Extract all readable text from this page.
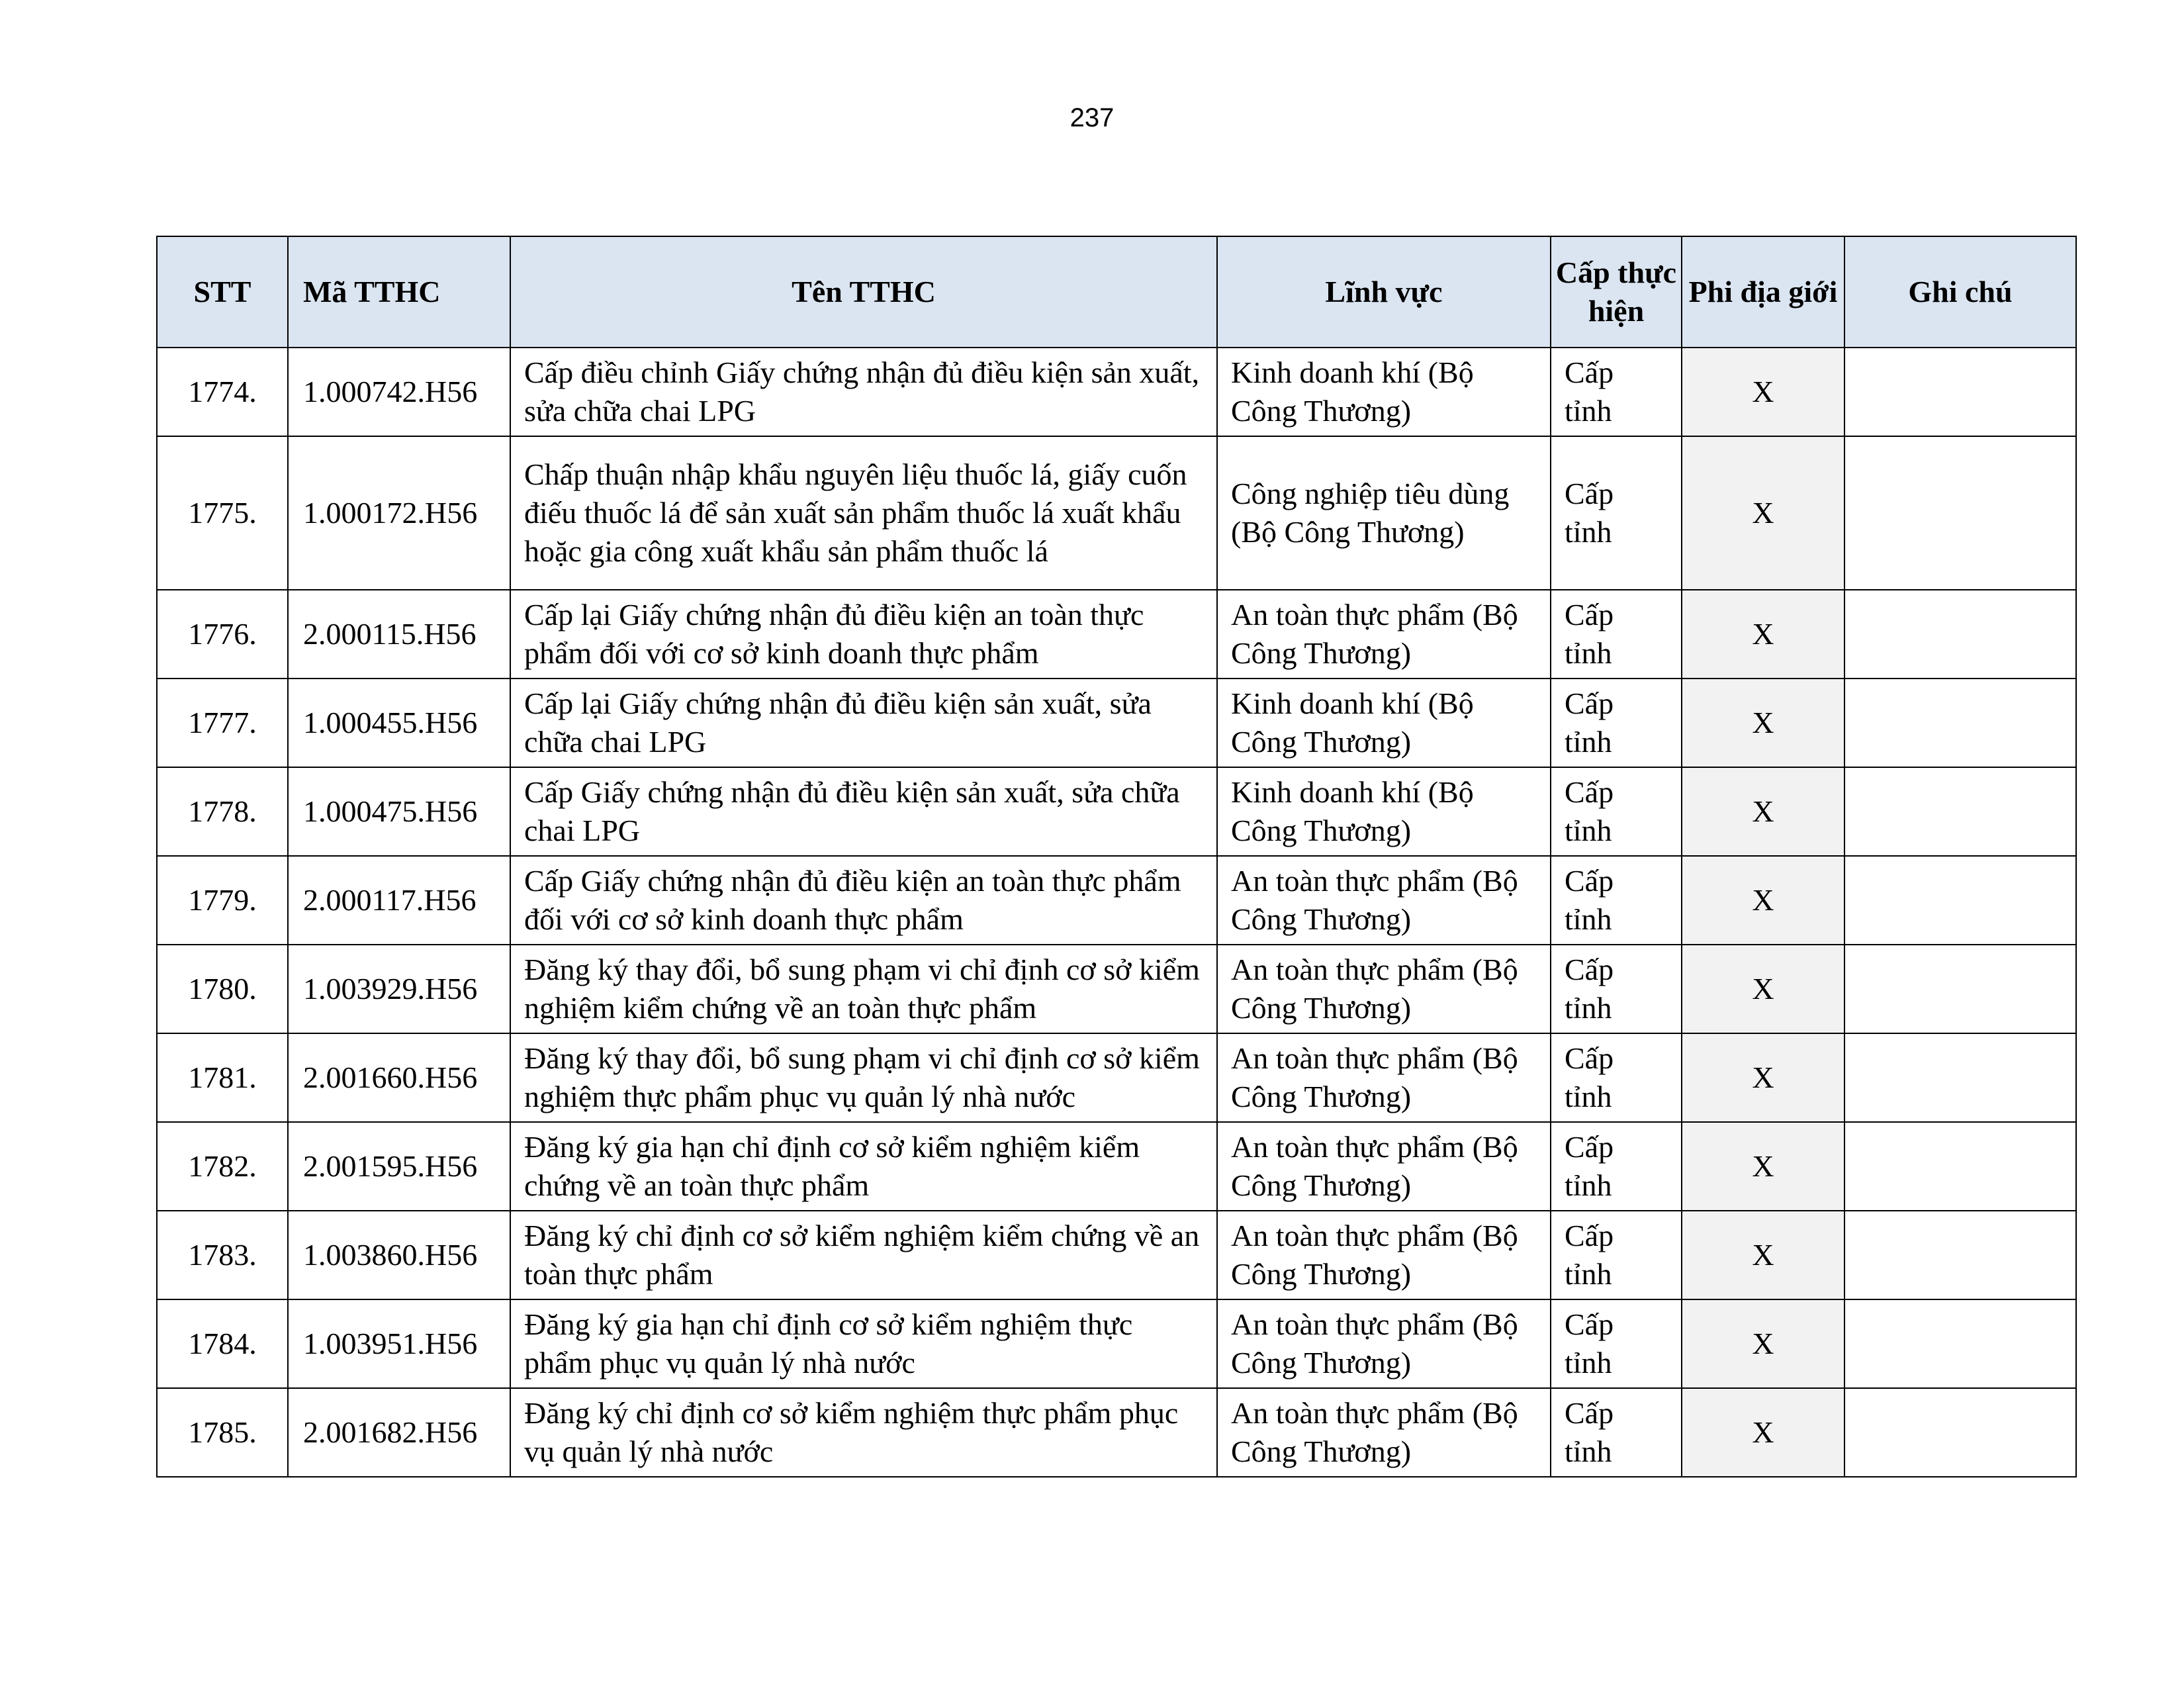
237
STT	Mã TTHC	Tên TTHC	Lĩnh vực	Cấp thực hiện	Phi địa giới	Ghi chú
1774.	1.000742.H56	Cấp điều chỉnh Giấy chứng nhận đủ điều kiện sản xuất, sửa chữa chai LPG	Kinh doanh khí (Bộ Công Thương)	Cấp tỉnh	X	
1775.	1.000172.H56	Chấp thuận nhập khẩu nguyên liệu thuốc lá, giấy cuốn điếu thuốc lá để sản xuất sản phẩm thuốc lá xuất khẩu hoặc gia công xuất khẩu sản phẩm thuốc lá	Công nghiệp tiêu dùng (Bộ Công Thương)	Cấp tỉnh	X	
1776.	2.000115.H56	Cấp lại Giấy chứng nhận đủ điều kiện an toàn thực phẩm đối với cơ sở kinh doanh thực phẩm	An toàn thực phẩm (Bộ Công Thương)	Cấp tỉnh	X	
1777.	1.000455.H56	Cấp lại Giấy chứng nhận đủ điều kiện sản xuất, sửa chữa chai LPG	Kinh doanh khí (Bộ Công Thương)	Cấp tỉnh	X	
1778.	1.000475.H56	Cấp Giấy chứng nhận đủ điều kiện sản xuất, sửa chữa chai LPG	Kinh doanh khí (Bộ Công Thương)	Cấp tỉnh	X	
1779.	2.000117.H56	Cấp Giấy chứng nhận đủ điều kiện an toàn thực phẩm đối với cơ sở kinh doanh thực phẩm	An toàn thực phẩm (Bộ Công Thương)	Cấp tỉnh	X	
1780.	1.003929.H56	Đăng ký thay đổi, bổ sung phạm vi chỉ định cơ sở kiểm nghiệm kiểm chứng về an toàn thực phẩm	An toàn thực phẩm (Bộ Công Thương)	Cấp tỉnh	X	
1781.	2.001660.H56	Đăng ký thay đổi, bổ sung phạm vi chỉ định cơ sở kiểm nghiệm thực phẩm phục vụ quản lý nhà nước	An toàn thực phẩm (Bộ Công Thương)	Cấp tỉnh	X	
1782.	2.001595.H56	Đăng ký gia hạn chỉ định cơ sở kiểm nghiệm kiểm chứng về an toàn thực phẩm	An toàn thực phẩm (Bộ Công Thương)	Cấp tỉnh	X	
1783.	1.003860.H56	Đăng ký chỉ định cơ sở kiểm nghiệm kiểm chứng về an toàn thực phẩm	An toàn thực phẩm (Bộ Công Thương)	Cấp tỉnh	X	
1784.	1.003951.H56	Đăng ký gia hạn chỉ định cơ sở kiểm nghiệm thực phẩm phục vụ quản lý nhà nước	An toàn thực phẩm (Bộ Công Thương)	Cấp tỉnh	X	
1785.	2.001682.H56	Đăng ký chỉ định cơ sở kiểm nghiệm thực phẩm phục vụ quản lý nhà nước	An toàn thực phẩm (Bộ Công Thương)	Cấp tỉnh	X	
